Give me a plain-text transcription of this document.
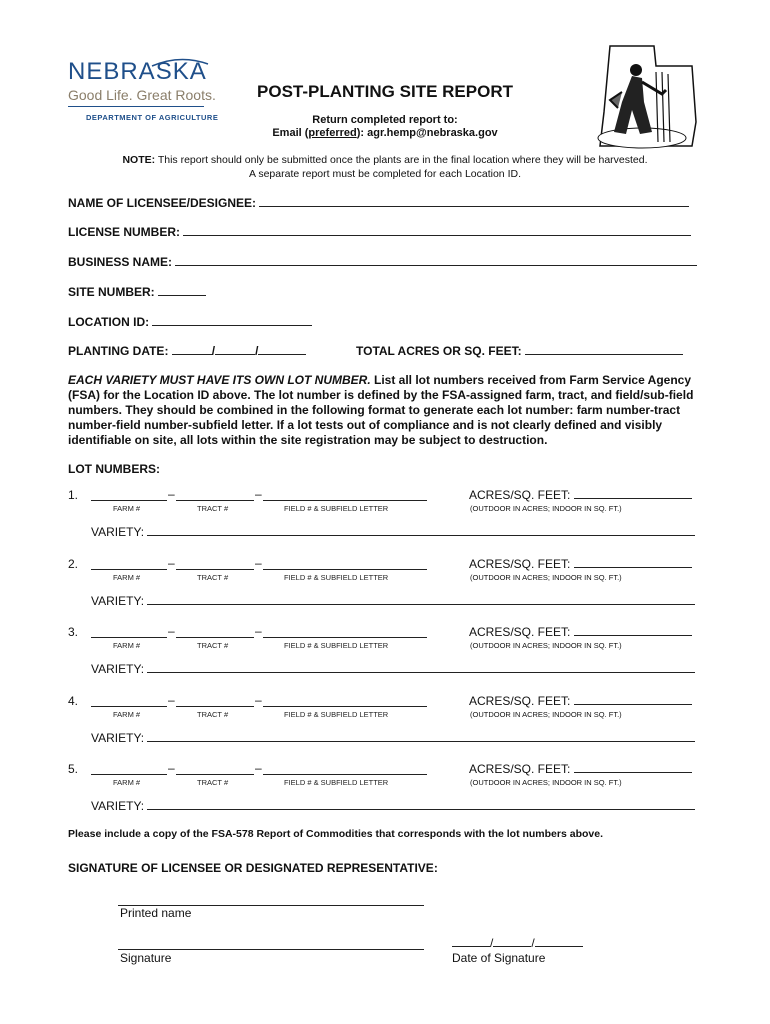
NEBRASKA
Good Life. Great Roots.
DEPARTMENT OF AGRICULTURE
POST-PLANTING SITE REPORT
Return completed report to:
Email (preferred): agr.hemp@nebraska.gov
NOTE: This report should only be submitted once the plants are in the final location where they will be harvested.
A separate report must be completed for each Location ID.
NAME OF LICENSEE/DESIGNEE:
LICENSE NUMBER:
BUSINESS NAME:
SITE NUMBER:
LOCATION ID:
PLANTING DATE:	/	/	TOTAL ACRES OR SQ. FEET:
EACH VARIETY MUST HAVE ITS OWN LOT NUMBER. List all lot numbers received from Farm Service Agency (FSA) for the Location ID above. The lot number is defined by the FSA-assigned farm, tract, and field/sub-field numbers. They should be combined in the following format to generate each lot number: farm number-tract number-field number-subfield letter. If a lot tests out of compliance and is not clearly defined and visibly identifiable on site, all lots within the site registration may be subject to destruction.
LOT NUMBERS:
1.	–	–
FARM #	TRACT #	FIELD # & SUBFIELD LETTER
ACRES/SQ. FEET:
(OUTDOOR IN ACRES; INDOOR IN SQ. FT.)
VARIETY:
2.	–	–
FARM #	TRACT #	FIELD # & SUBFIELD LETTER
ACRES/SQ. FEET:
(OUTDOOR IN ACRES; INDOOR IN SQ. FT.)
VARIETY:
3.	–	–
FARM #	TRACT #	FIELD # & SUBFIELD LETTER
ACRES/SQ. FEET:
(OUTDOOR IN ACRES; INDOOR IN SQ. FT.)
VARIETY:
4.	–	–
FARM #	TRACT #	FIELD # & SUBFIELD LETTER
ACRES/SQ. FEET:
(OUTDOOR IN ACRES; INDOOR IN SQ. FT.)
VARIETY:
5.	–	–
FARM #	TRACT #	FIELD # & SUBFIELD LETTER
ACRES/SQ. FEET:
(OUTDOOR IN ACRES; INDOOR IN SQ. FT.)
VARIETY:
Please include a copy of the FSA-578 Report of Commodities that corresponds with the lot numbers above.
SIGNATURE OF LICENSEE OR DESIGNATED REPRESENTATIVE:
Printed name
Signature
/	/
Date of Signature
